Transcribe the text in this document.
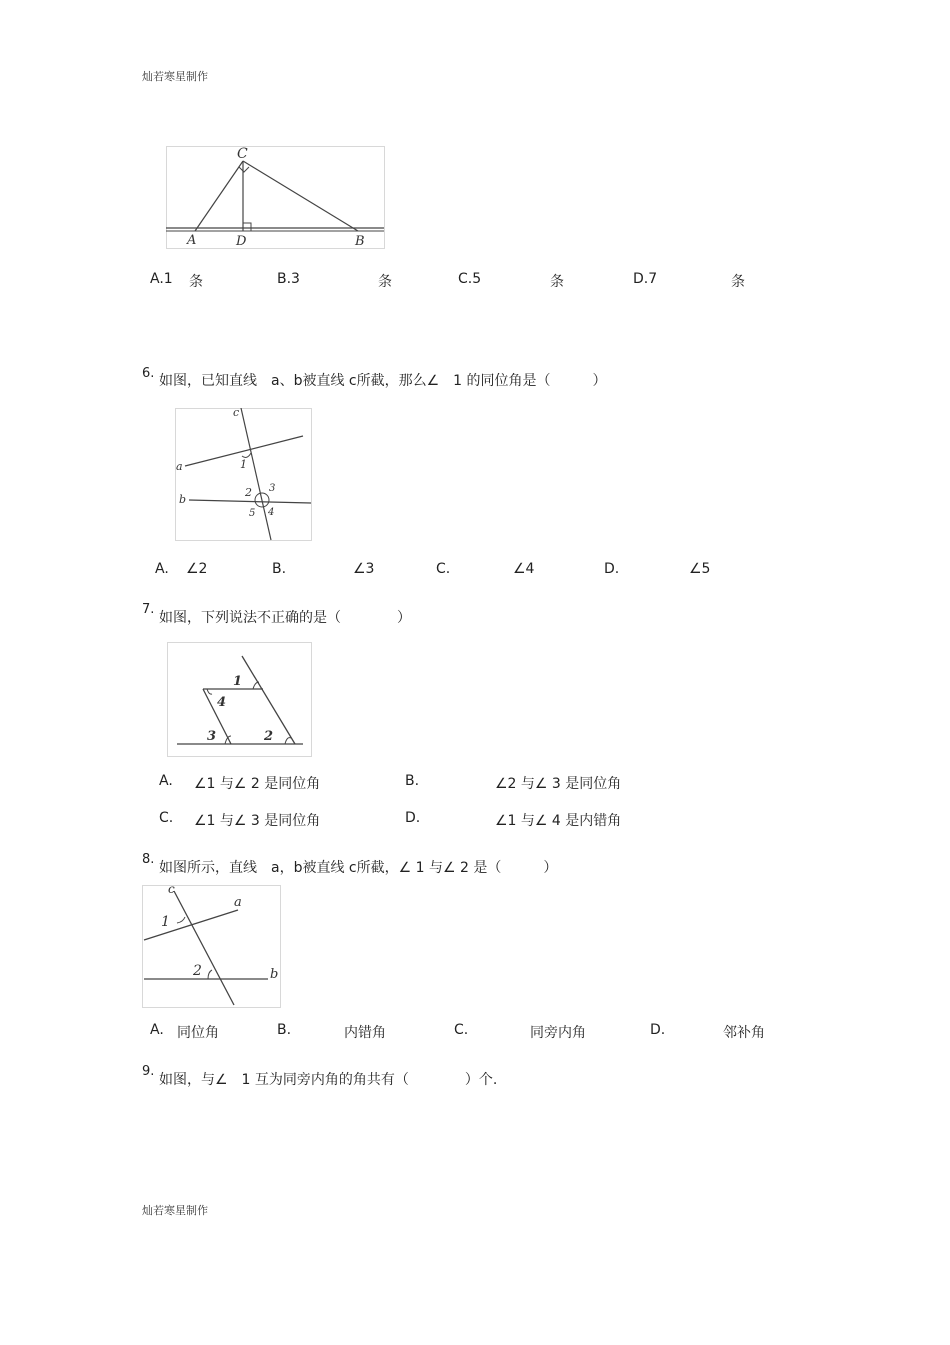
灿若寒星制作
C
A	D	B
A.1 条	B.3	条	C.5	条	D.7	条
6. 如图，已知直线　a、b被直线 c所截，那么∠　1 的同位角是（　　　）
c
a
b
1
2 3
4
5
A. ∠2	B.	∠3	C.	∠4	D.	∠5
7.
如图，下列说法不正确的是（　　　　）
1
4
3	2
A. ∠1 与∠ 2 是同位角	B.	∠2 与∠ 3 是同位角
C. ∠1 与∠ 3 是同位角	D.	∠1 与∠ 4 是内错角
8.
如图所示，直线　a，b被直线 c所截，∠ 1 与∠ 2 是（　　　）
c
a
b
1
2
A. 同位角	B.	内错角	C.	同旁内角	D.	邻补角
9.
如图，与∠　1 互为同旁内角的角共有（　　　　）个.
灿若寒星制作
